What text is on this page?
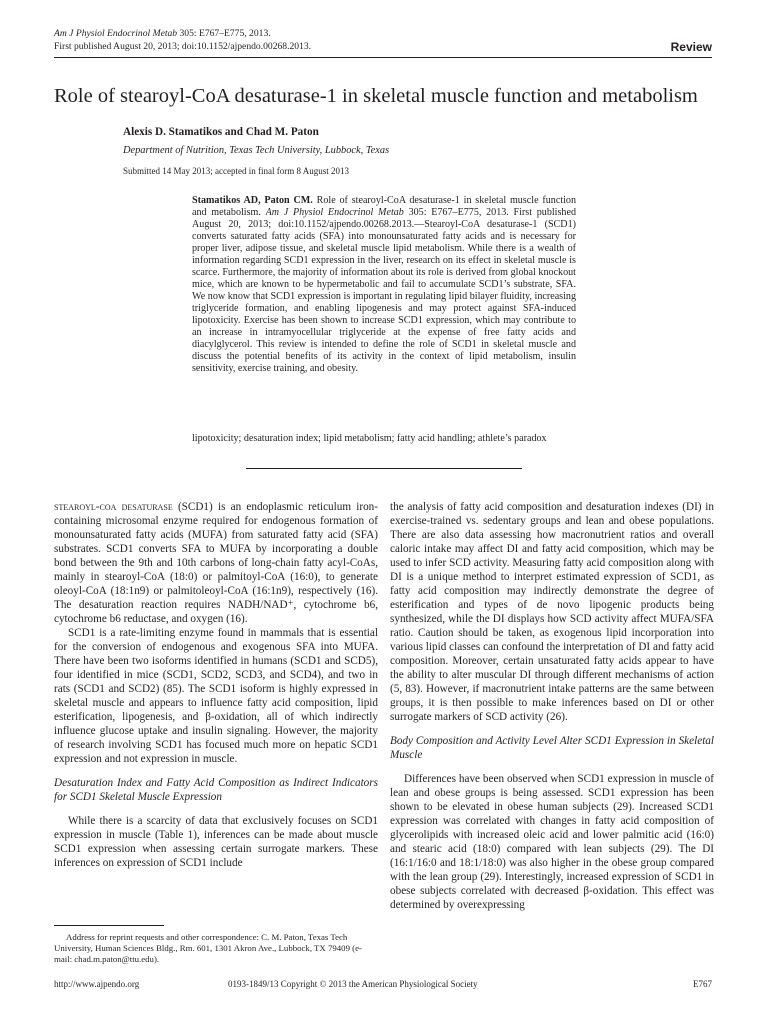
Am J Physiol Endocrinol Metab 305: E767–E775, 2013.
First published August 20, 2013; doi:10.1152/ajpendo.00268.2013.	Review
Role of stearoyl-CoA desaturase-1 in skeletal muscle function and metabolism
Alexis D. Stamatikos and Chad M. Paton
Department of Nutrition, Texas Tech University, Lubbock, Texas
Submitted 14 May 2013; accepted in final form 8 August 2013
Stamatikos AD, Paton CM. Role of stearoyl-CoA desaturase-1 in skeletal muscle function and metabolism. Am J Physiol Endocrinol Metab 305: E767–E775, 2013. First published August 20, 2013; doi:10.1152/ajpendo.00268.2013.—Stearoyl-CoA desaturase-1 (SCD1) converts saturated fatty acids (SFA) into monounsaturated fatty acids and is necessary for proper liver, adipose tissue, and skeletal muscle lipid metabolism. While there is a wealth of information regarding SCD1 expression in the liver, research on its effect in skeletal muscle is scarce. Furthermore, the majority of information about its role is derived from global knockout mice, which are known to be hypermetabolic and fail to accumulate SCD1’s substrate, SFA. We now know that SCD1 expression is important in regulating lipid bilayer fluidity, increasing triglyceride formation, and enabling lipogenesis and may protect against SFA-induced lipotoxicity. Exercise has been shown to increase SCD1 expression, which may contribute to an increase in intramyocellular triglyceride at the expense of free fatty acids and diacylglycerol. This review is intended to define the role of SCD1 in skeletal muscle and discuss the potential benefits of its activity in the context of lipid metabolism, insulin sensitivity, exercise training, and obesity.
lipotoxicity; desaturation index; lipid metabolism; fatty acid handling; athlete’s paradox

stearoyl-coa desaturase (SCD1) is an endoplasmic reticulum iron-containing microsomal enzyme required for endogenous formation of monounsaturated fatty acids (MUFA) from saturated fatty acid (SFA) substrates. SCD1 converts SFA to MUFA by incorporating a double bond between the 9th and 10th carbons of long-chain fatty acyl-CoAs, mainly in stearoyl-CoA (18:0) or palmitoyl-CoA (16:0), to generate oleoyl-CoA (18:1n9) or palmitoleoyl-CoA (16:1n9), respectively (16). The desaturation reaction requires NADH/NAD⁺, cytochrome b6, cytochrome b6 reductase, and oxygen (16).

SCD1 is a rate-limiting enzyme found in mammals that is essential for the conversion of endogenous and exogenous SFA into MUFA. There have been two isoforms identified in humans (SCD1 and SCD5), four identified in mice (SCD1, SCD2, SCD3, and SCD4), and two in rats (SCD1 and SCD2) (85). The SCD1 isoform is highly expressed in skeletal muscle and appears to influence fatty acid composition, lipid esterification, lipogenesis, and β-oxidation, all of which indirectly influence glucose uptake and insulin signaling. However, the majority of research involving SCD1 has focused much more on hepatic SCD1 expression and not expression in muscle.

Desaturation Index and Fatty Acid Composition as Indirect Indicators for SCD1 Skeletal Muscle Expression

While there is a scarcity of data that exclusively focuses on SCD1 expression in muscle (Table 1), inferences can be made about muscle SCD1 expression when assessing certain surrogate markers. These inferences on expression of SCD1 include

the analysis of fatty acid composition and desaturation indexes (DI) in exercise-trained vs. sedentary groups and lean and obese populations. There are also data assessing how macronutrient ratios and overall caloric intake may affect DI and fatty acid composition, which may be used to infer SCD activity. Measuring fatty acid composition along with DI is a unique method to interpret estimated expression of SCD1, as fatty acid composition may indirectly demonstrate the degree of esterification and types of de novo lipogenic products being synthesized, while the DI displays how SCD activity affect MUFA/SFA ratio. Caution should be taken, as exogenous lipid incorporation into various lipid classes can confound the interpretation of DI and fatty acid composition. Moreover, certain unsaturated fatty acids appear to have the ability to alter muscular DI through different mechanisms of action (5, 83). However, if macronutrient intake patterns are the same between groups, it is then possible to make inferences based on DI or other surrogate markers of SCD activity (26).

Body Composition and Activity Level Alter SCD1 Expression in Skeletal Muscle

Differences have been observed when SCD1 expression in muscle of lean and obese groups is being assessed. SCD1 expression has been shown to be elevated in obese human subjects (29). Increased SCD1 expression was correlated with changes in fatty acid composition of glycerolipids with increased oleic acid and lower palmitic acid (16:0) and stearic acid (18:0) compared with lean subjects (29). The DI (16:1/16:0 and 18:1/18:0) was also higher in the obese group compared with the lean group (29). Interestingly, increased expression of SCD1 in obese subjects correlated with decreased β-oxidation. This effect was determined by overexpressing

Address for reprint requests and other correspondence: C. M. Paton, Texas Tech University, Human Sciences Bldg., Rm. 601, 1301 Akron Ave., Lubbock, TX 79409 (e-mail: chad.m.paton@ttu.edu).
http://www.ajpendo.org	0193-1849/13 Copyright © 2013 the American Physiological Society	E767
